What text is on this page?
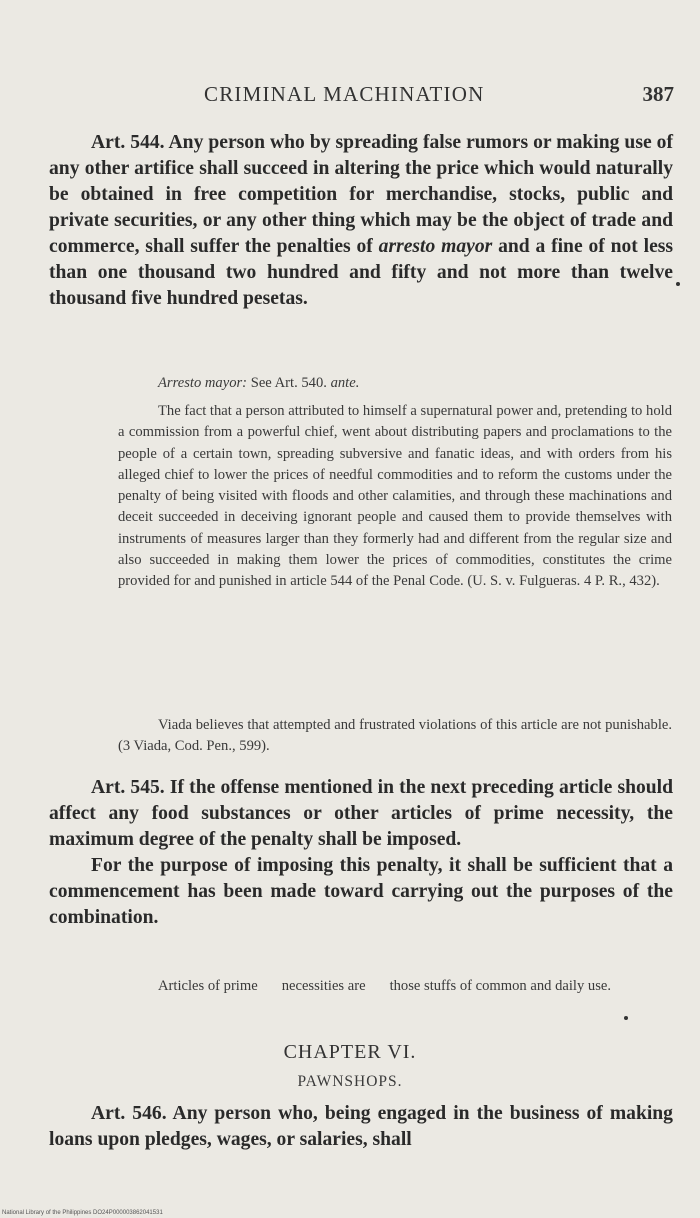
CRIMINAL MACHINATION	387

Art. 544. Any person who by spreading false rumors or making use of any other artifice shall succeed in altering the price which would naturally be obtained in free competition for merchandise, stocks, public and private securities, or any other thing which may be the object of trade and commerce, shall suffer the penalties of arresto mayor and a fine of not less than one thousand two hundred and fifty and not more than twelve thousand five hundred pesetas.

Arresto mayor: See Art. 540. ante.

The fact that a person attributed to himself a supernatural power and, pretending to hold a commission from a powerful chief, went about distributing papers and proclamations to the people of a certain town, spreading subversive and fanatic ideas, and with orders from his alleged chief to lower the prices of needful commodities and to reform the customs under the penalty of being visited with floods and other calamities, and through these machinations and deceit succeeded in deceiving ignorant people and caused them to provide themselves with instruments of measures larger than they formerly had and different from the regular size and also succeeded in making them lower the prices of commodities, constitutes the crime provided for and punished in article 544 of the Penal Code. (U. S. v. Fulgueras. 4 P. R., 432).

Viada believes that attempted and frustrated violations of this article are not punishable. (3 Viada, Cod. Pen., 599).

Art. 545. If the offense mentioned in the next preceding article should affect any food substances or other articles of prime necessity, the maximum degree of the penalty shall be imposed.

For the purpose of imposing this penalty, it shall be sufficient that a commencement has been made toward carrying out the purposes of the combination.

Articles of prime necessities are those stuffs of common and daily use.

CHAPTER VI.
PAWNSHOPS.

Art. 546. Any person who, being engaged in the business of making loans upon pledges, wages, or salaries, shall

National Library of the Philippines DO24P000003862041531
